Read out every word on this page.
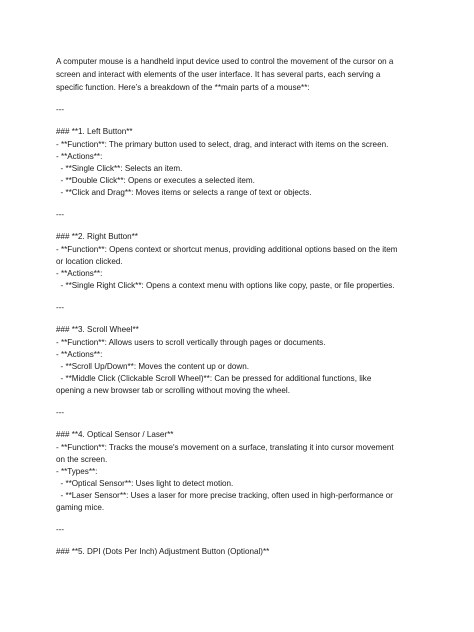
A computer mouse is a handheld input device used to control the movement of the cursor on a

screen and interact with elements of the user interface. It has several parts, each serving a

specific function. Here’s a breakdown of the **main parts of a mouse**:

---

### **1. Left Button**

- **Function**: The primary button used to select, drag, and interact with items on the screen.

- **Actions**:

- **Single Click**: Selects an item.

- **Double Click**: Opens or executes a selected item.

- **Click and Drag**: Moves items or selects a range of text or objects.

---

### **2. Right Button**

- **Function**: Opens context or shortcut menus, providing additional options based on the item

or location clicked.

- **Actions**:

- **Single Right Click**: Opens a context menu with options like copy, paste, or file properties.

---

### **3. Scroll Wheel**

- **Function**: Allows users to scroll vertically through pages or documents.

- **Actions**:

- **Scroll Up/Down**: Moves the content up or down.

- **Middle Click (Clickable Scroll Wheel)**: Can be pressed for additional functions, like

opening a new browser tab or scrolling without moving the wheel.

---

### **4. Optical Sensor / Laser**

- **Function**: Tracks the mouse's movement on a surface, translating it into cursor movement

on the screen.

- **Types**:

- **Optical Sensor**: Uses light to detect motion.

- **Laser Sensor**: Uses a laser for more precise tracking, often used in high-performance or

gaming mice.

---

### **5. DPI (Dots Per Inch) Adjustment Button (Optional)**
